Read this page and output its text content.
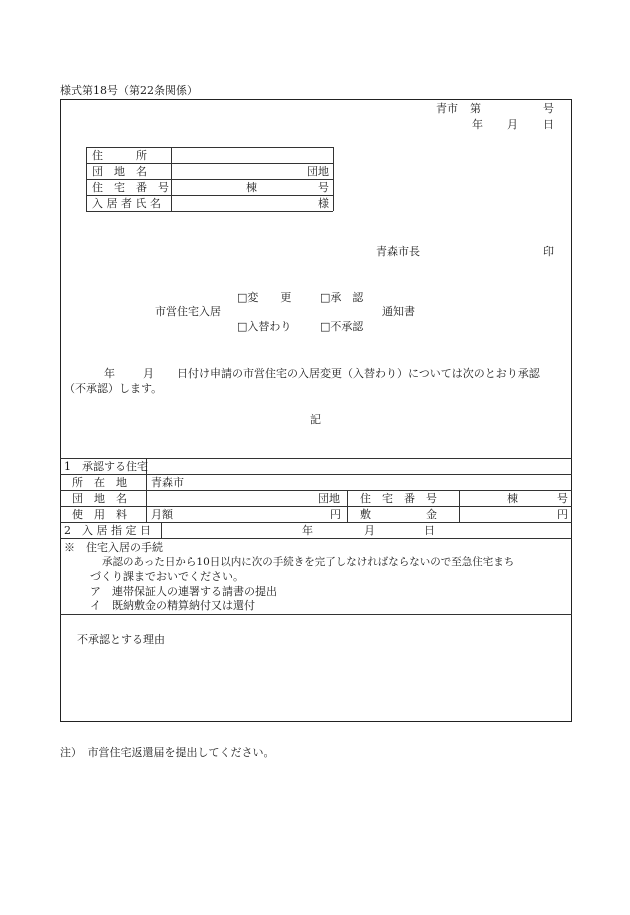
様式第18号（第22条関係）
青市 第	号
年 月 日
住　　　所
団　地　名	団地
住　宅　番　号	棟	号
入 居 者 氏 名	様
青森市長	印
□変　　更	□承　認
市営住宅入居	通知書
□入替わり	□不承認
年	月 日付け申請の市営住宅の入居変更（入替わり）については次のとおり承認
（不承認）します。
記
1　承認する住宅
所　在　地 青森市
団　地　名	団地 住　宅　番　号	棟	号
使　用　料 月額	円 敷　　　　　金	円
2　入 居 指 定 日	年	月	日
※　住宅入居の手続
承認のあった日から10日以内に次の手続きを完了しなければならないので至急住宅まち
づくり課までおいでください。
ア　連帯保証人の連署する請書の提出
イ　既納敷金の精算納付又は還付
不承認とする理由
注）　市営住宅返還届を提出してください。
